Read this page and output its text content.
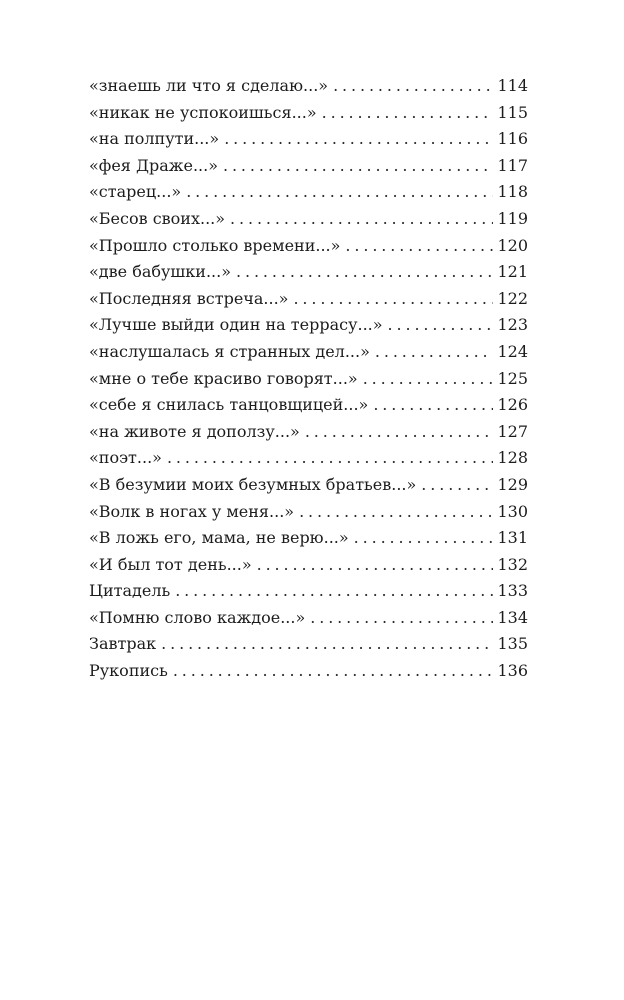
«знаешь ли что я сделаю...» . . .	114
«никак не успокоишься...» . . .	115
«на полпути...» . . .	116
«фея Драже...» . . .	117
«старец...» . . .	118
«Бесов своих...» . . .	119
«Прошло столько времени...» . . .	120
«две бабушки...» . . .	121
«Последняя встреча...» . . .	122
«Лучше выйди один на террасу...» . . .	123
«наслушалась я странных дел...» . . .	124
«мне о тебе красиво говорят...» . . .	125
«себе я снилась танцовщицей...» . . .	126
«на животе я доползу...» . . .	127
«поэт...» . . .	128
«В безумии моих безумных братьев...» . . .	129
«Волк в ногах у меня...» . . .	130
«В ложь его, мама, не верю...» . . .	131
«И был тот день...» . . .	132
Цитадель . . .	133
«Помню слово каждое...» . . .	134
Завтрак . . .	135
Рукопись . . .	136
